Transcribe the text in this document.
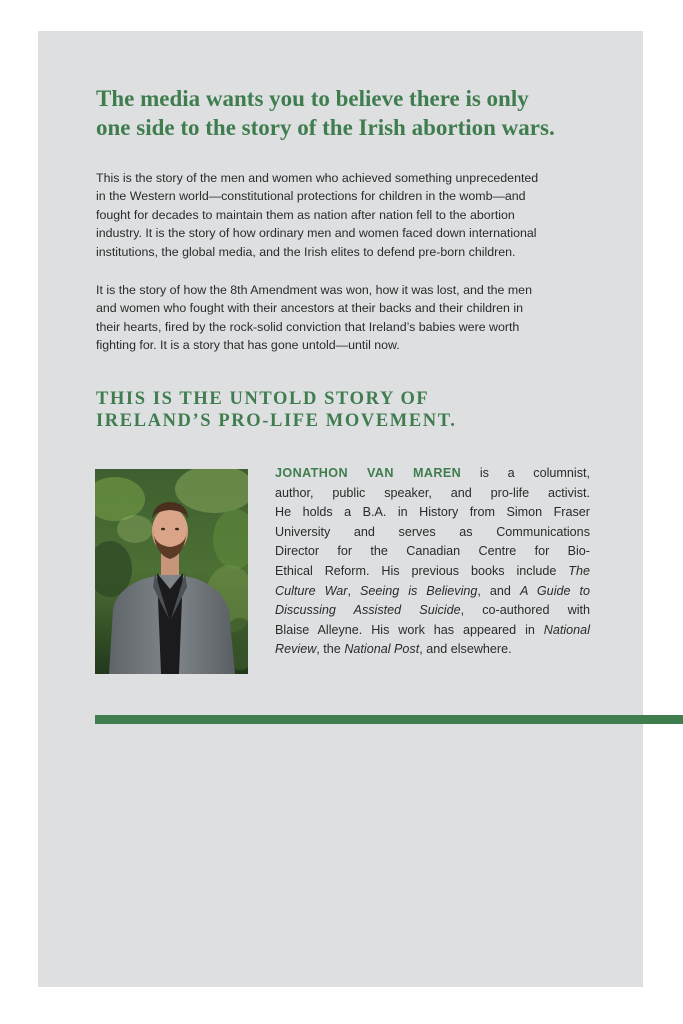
The media wants you to believe there is only
one side to the story of the Irish abortion wars.

This is the story of the men and women who achieved something unprecedented
in the Western world—constitutional protections for children in the womb—and
fought for decades to maintain them as nation after nation fell to the abortion
industry. It is the story of how ordinary men and women faced down international
institutions, the global media, and the Irish elites to defend pre-born children.

It is the story of how the 8th Amendment was won, how it was lost, and the men
and women who fought with their ancestors at their backs and their children in
their hearts, fired by the rock-solid conviction that Ireland’s babies were worth
fighting for. It is a story that has gone untold—until now.

THIS IS THE UNTOLD STORY OF
IRELAND’S PRO-LIFE MOVEMENT.

JONATHON VAN MAREN is a columnist,
author, public speaker, and pro-life activist.
He holds a B.A. in History from Simon Fraser
University and serves as Communications
Director for the Canadian Centre for Bio-
Ethical Reform. His previous books include The
Culture War, Seeing is Believing, and A Guide to
Discussing Assisted Suicide, co-authored with
Blaise Alleyne. His work has appeared in National
Review, the National Post, and elsewhere.
